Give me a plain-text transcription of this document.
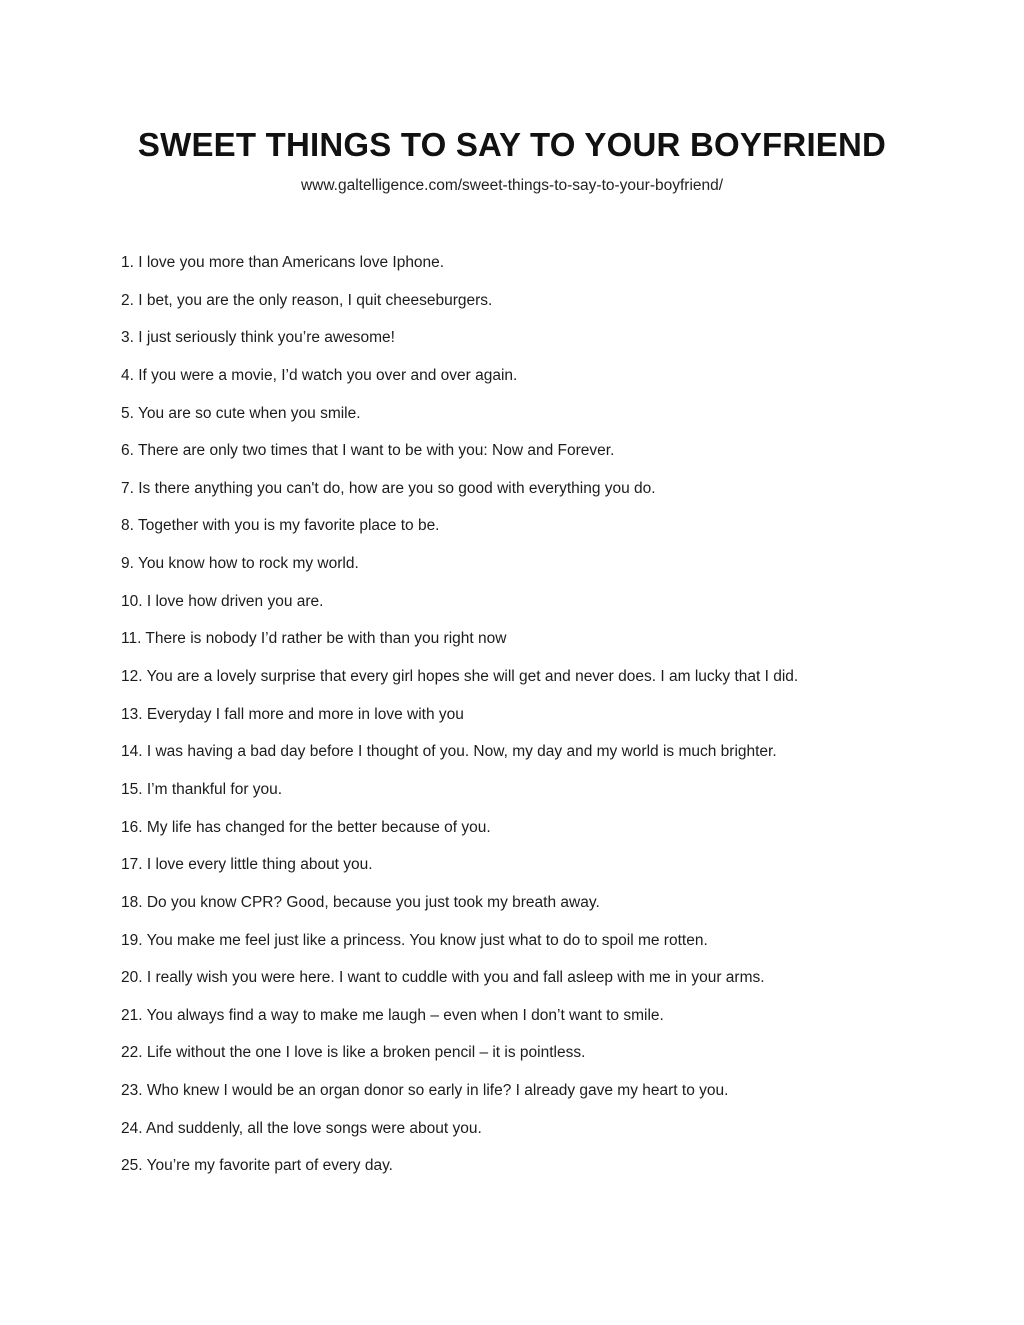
SWEET THINGS TO SAY TO YOUR BOYFRIEND
www.galtelligence.com/sweet-things-to-say-to-your-boyfriend/
1. I love you more than Americans love Iphone.
2. I bet, you are the only reason, I quit cheeseburgers.
3. I just seriously think you’re awesome!
4. If you were a movie, I’d watch you over and over again.
5. You are so cute when you smile.
6. There are only two times that I want to be with you: Now and Forever.
7. Is there anything you can't do, how are you so good with everything you do.
8. Together with you is my favorite place to be.
9. You know how to rock my world.
10. I love how driven you are.
11. There is nobody I’d rather be with than you right now
12. You are a lovely surprise that every girl hopes she will get and never does. I am lucky that I did.
13. Everyday I fall more and more in love with you
14. I was having a bad day before I thought of you. Now, my day and my world is much brighter.
15. I’m thankful for you.
16. My life has changed for the better because of you.
17. I love every little thing about you.
18. Do you know CPR? Good, because you just took my breath away.
19. You make me feel just like a princess. You know just what to do to spoil me rotten.
20. I really wish you were here. I want to cuddle with you and fall asleep with me in your arms.
21. You always find a way to make me laugh – even when I don’t want to smile.
22. Life without the one I love is like a broken pencil – it is pointless.
23. Who knew I would be an organ donor so early in life? I already gave my heart to you.
24. And suddenly, all the love songs were about you.
25. You’re my favorite part of every day.
